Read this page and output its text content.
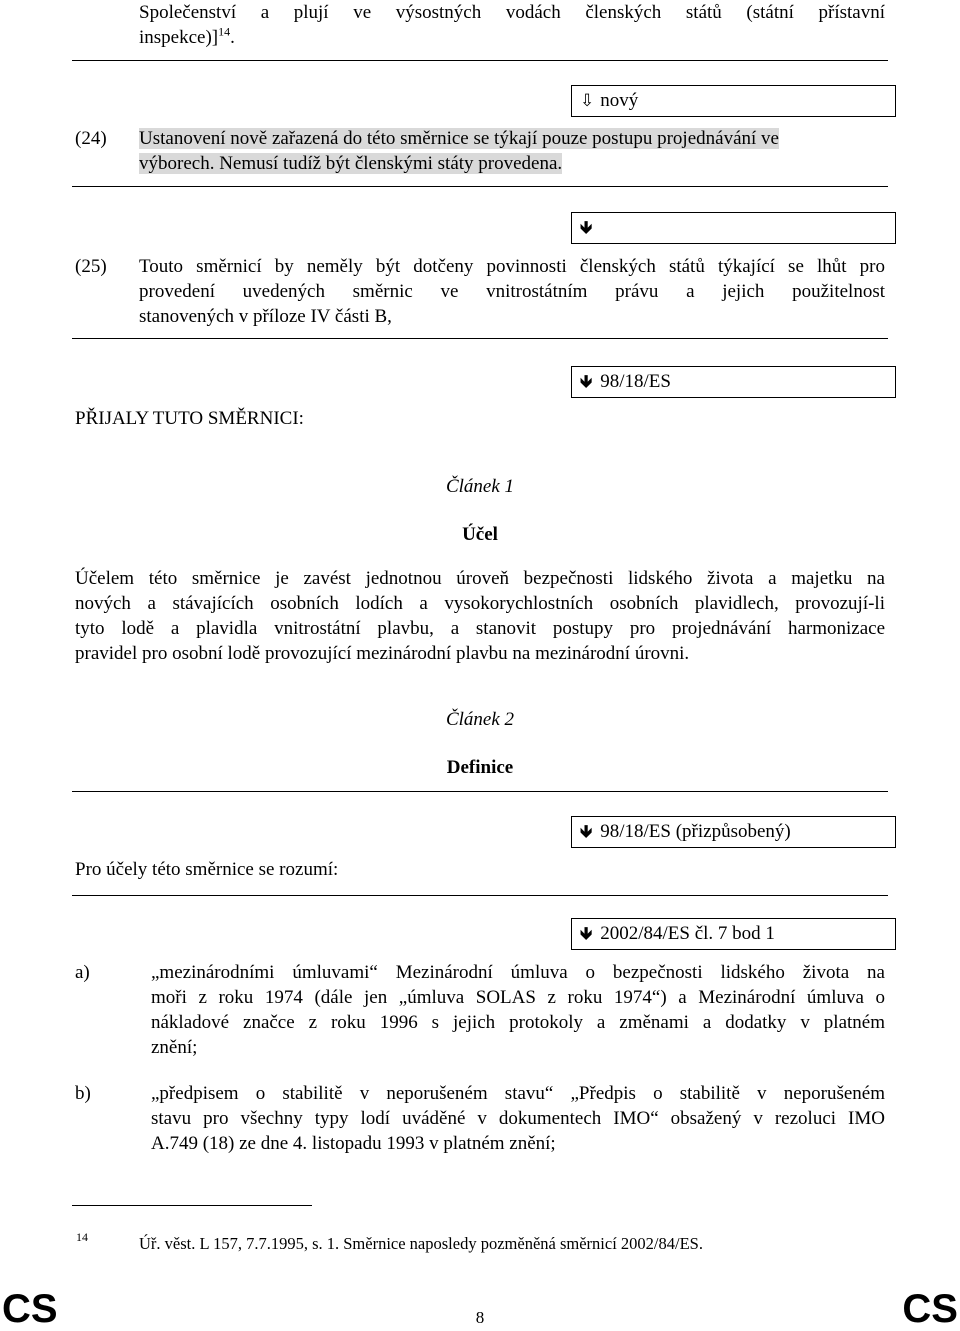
Společenství a plují ve výsostných vodách členských států (státní přístavní
inspekce)]$^{14}$.
⇩ nový
(24) Ustanovení nově zařazená do této směrnice se týkají pouze postupu projednávání ve
výborech. Nemusí tudíž být členskými státy provedena.
🡻
(25) Touto směrnicí by neměly být dotčeny povinnosti členských států týkající se lhůt pro
provedení uvedených směrnic ve vnitrostátním právu a jejich použitelnost
stanovených v příloze IV části B,
🡻 98/18/ES
PŘIJALY TUTO SMĚRNICI:
Článek 1
Účel
Účelem této směrnice je zavést jednotnou úroveň bezpečnosti lidského života a majetku na
nových a stávajících osobních lodích a vysokorychlostních osobních plavidlech, provozují-li
tyto lodě a plavidla vnitrostátní plavbu, a stanovit postupy pro projednávání harmonizace
pravidel pro osobní lodě provozující mezinárodní plavbu na mezinárodní úrovni.
Článek 2
Definice
🡻 98/18/ES (přizpůsobený)
Pro účely této směrnice se rozumí:
🡻 2002/84/ES čl. 7 bod 1
a)	„mezinárodními úmluvami“ Mezinárodní úmluva o bezpečnosti lidského života na
moři z roku 1974 (dále jen „úmluva SOLAS z roku 1974“) a Mezinárodní úmluva o
nákladové značce z roku 1996 s jejich protokoly a změnami a dodatky v platném
znění;
b)	„předpisem o stabilitě v neporušeném stavu“ „Předpis o stabilitě v neporušeném
stavu pro všechny typy lodí uváděné v dokumentech IMO“ obsažený v rezoluci IMO
A.749 (18) ze dne 4. listopadu 1993 v platném znění;
14	Úř. věst. L 157, 7.7.1995, s. 1. Směrnice naposledy pozměněná směrnicí 2002/84/ES.
CS	8	CS
